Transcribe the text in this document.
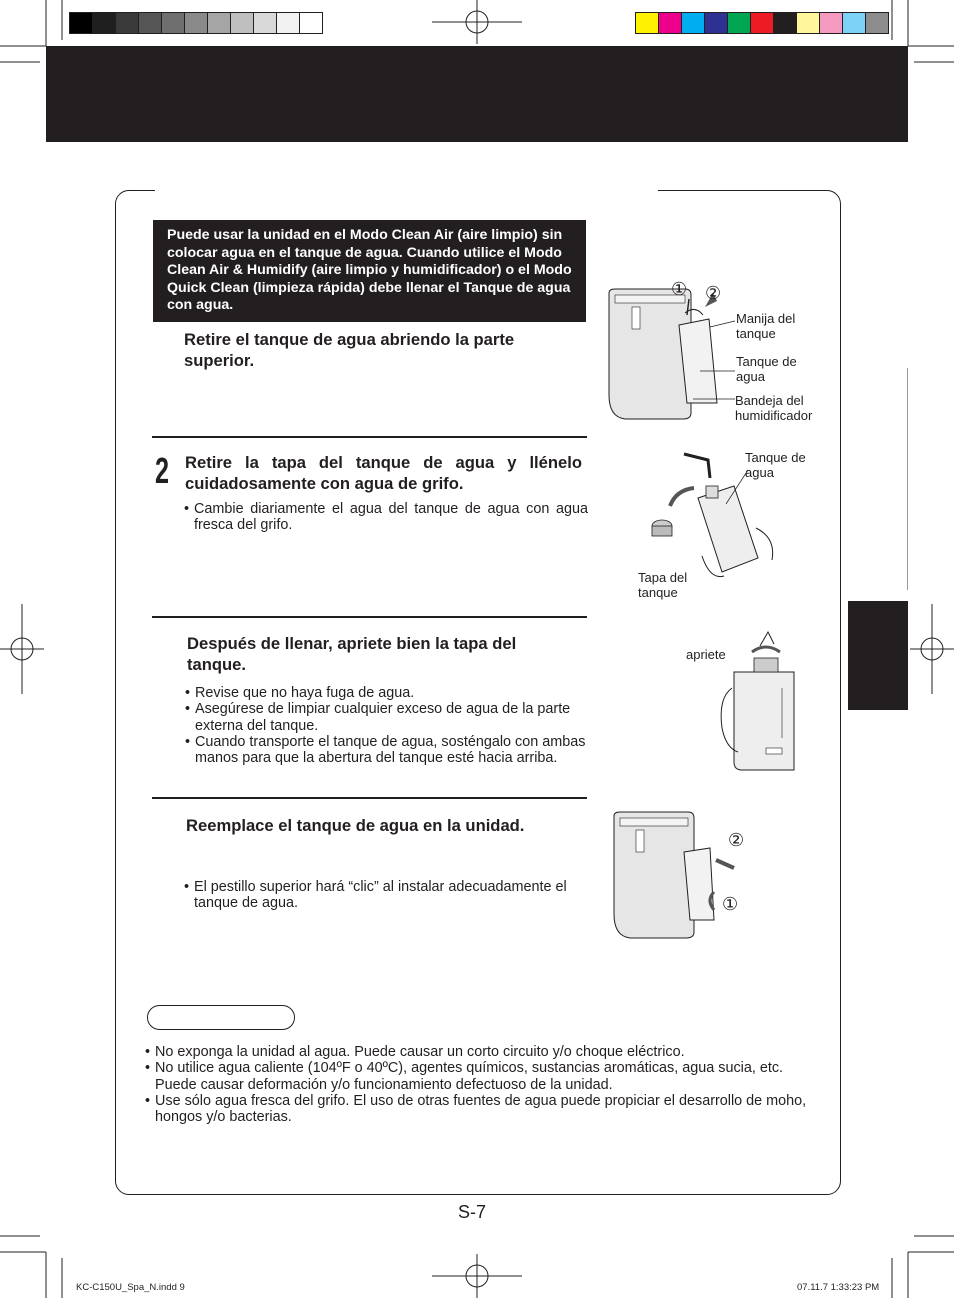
Puede usar la unidad en el Modo Clean Air (aire limpio) sin colocar agua en el tanque de agua. Cuando utilice el Modo Clean Air & Humidify (aire limpio y humidificador) o el Modo Quick Clean (limpieza rápida) debe llenar el Tanque de agua con agua.
Retire el tanque de agua abriendo la parte superior.
2 Retire la tapa del tanque de agua y llénelo cuidadosamente con agua de grifo.
• Cambie diariamente el agua del tanque de agua con agua fresca del grifo.
Después de llenar, apriete bien la tapa del tanque.
• Revise que no haya fuga de agua.
• Asegúrese de limpiar cualquier exceso de agua de la parte externa del tanque.
• Cuando transporte el tanque de agua, sosténgalo con ambas manos para que la abertura del tanque esté hacia arriba.
Reemplace el tanque de agua en la unidad.
• El pestillo superior hará “clic” al instalar adecuadamente el tanque de agua.
① ②
Manija del tanque
Tanque de agua
Bandeja del humidificador
Tanque de agua
Tapa del tanque
apriete
②
①
• No exponga la unidad al agua. Puede causar un corto circuito y/o choque eléctrico.
• No utilice agua caliente (104ºF o 40ºC), agentes químicos, sustancias aromáticas, agua sucia, etc. Puede causar deformación y/o funcionamiento defectuoso de la unidad.
• Use sólo agua fresca del grifo. El uso de otras fuentes de agua puede propiciar el desarrollo de moho, hongos y/o bacterias.
S-7
KC-C150U_Spa_N.indd 9	07.11.7 1:33:23 PM
